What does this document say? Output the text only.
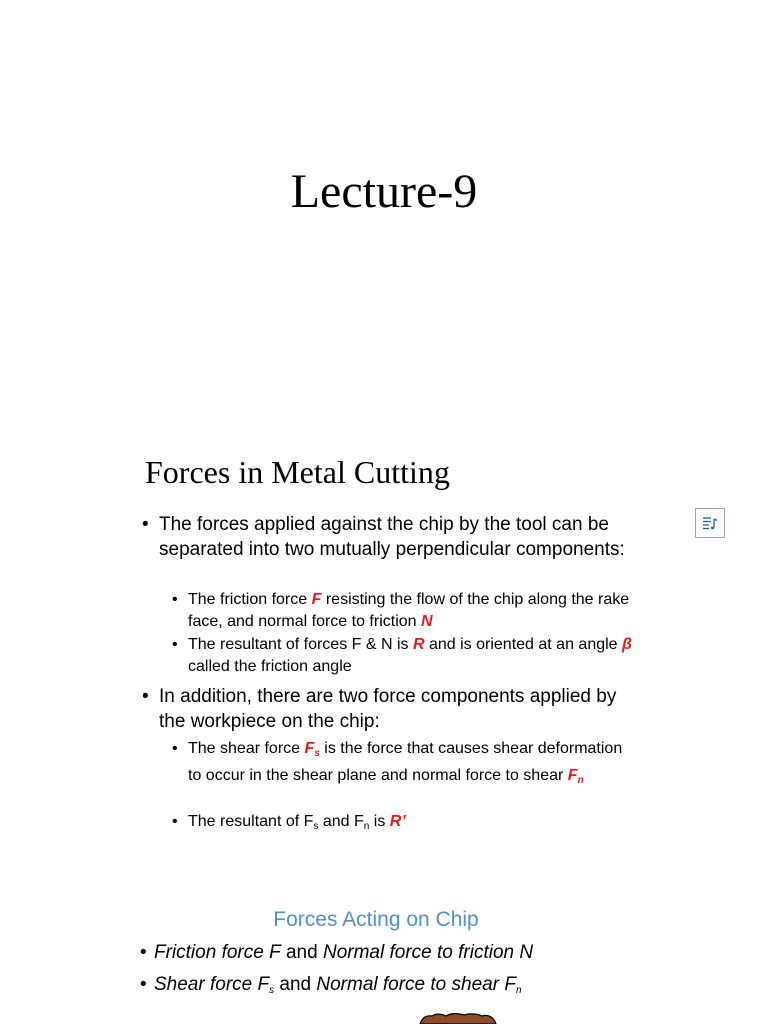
Lecture-9
Forces in Metal Cutting
• The forces applied against the chip by the tool can be separated into two mutually perpendicular components:
• The friction force F resisting the flow of the chip along the rake face, and normal force to friction N
• The resultant of forces F & N is R and is oriented at an angle β called the friction angle
• In addition, there are two force components applied by the workpiece on the chip:
• The shear force Fs is the force that causes shear deformation to occur in the shear plane and normal force to shear Fn
• The resultant of Fs and Fn is R’
Forces Acting on Chip
• Friction force F and Normal force to friction N
• Shear force Fs and Normal force to shear Fn
